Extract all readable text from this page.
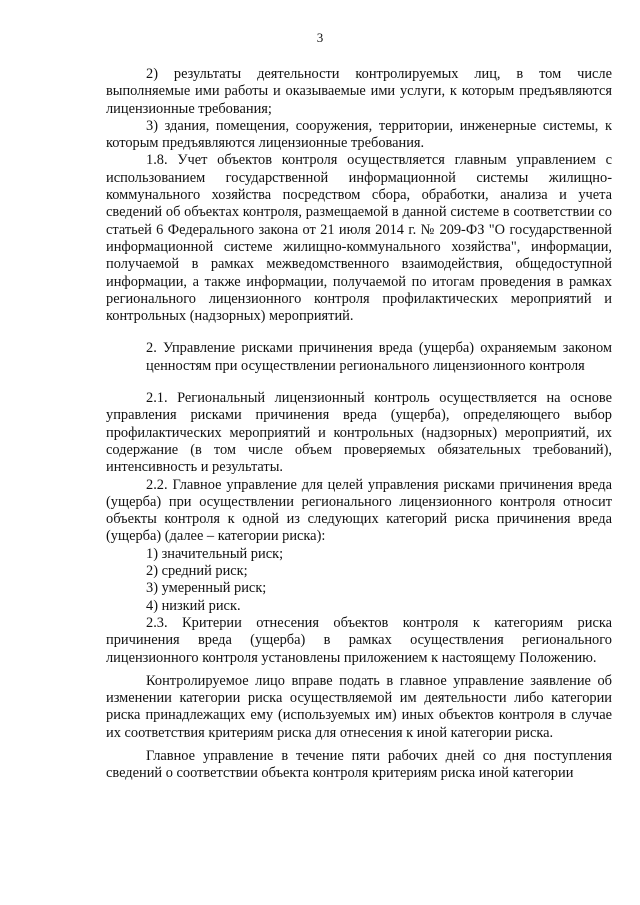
3

2) результаты деятельности контролируемых лиц, в том числе выполняемые ими работы и оказываемые ими услуги, к которым предъявляются лицензионные требования;

3) здания, помещения, сооружения, территории, инженерные системы, к которым предъявляются лицензионные требования.

1.8. Учет объектов контроля осуществляется главным управлением с использованием государственной информационной системы жилищно-коммунального хозяйства посредством сбора, обработки, анализа и учета сведений об объектах контроля, размещаемой в данной системе в соответствии со статьей 6 Федерального закона от 21 июля 2014 г. № 209-ФЗ "О государственной информационной системе жилищно-коммунального хозяйства", информации, получаемой в рамках межведомственного взаимодействия, общедоступной информации, а также информации, получаемой по итогам проведения в рамках регионального лицензионного контроля профилактических мероприятий и контрольных (надзорных) мероприятий.

2. Управление рисками причинения вреда (ущерба) охраняемым законом ценностям при осуществлении регионального лицензионного контроля

2.1. Региональный лицензионный контроль осуществляется на основе управления рисками причинения вреда (ущерба), определяющего выбор профилактических мероприятий и контрольных (надзорных) мероприятий, их содержание (в том числе объем проверяемых обязательных требований), интенсивность и результаты.

2.2. Главное управление для целей управления рисками причинения вреда (ущерба) при осуществлении регионального лицензионного контроля относит объекты контроля к одной из следующих категорий риска причинения вреда (ущерба) (далее – категории риска):

1) значительный риск;

2) средний риск;

3) умеренный риск;

4) низкий риск.

2.3. Критерии отнесения объектов контроля к категориям риска причинения вреда (ущерба) в рамках осуществления регионального лицензионного контроля установлены приложением к настоящему Положению.

Контролируемое лицо вправе подать в главное управление заявление об изменении категории риска осуществляемой им деятельности либо категории риска принадлежащих ему (используемых им) иных объектов контроля в случае их соответствия критериям риска для отнесения к иной категории риска.

Главное управление в течение пяти рабочих дней со дня поступления сведений о соответствии объекта контроля критериям риска иной категории
